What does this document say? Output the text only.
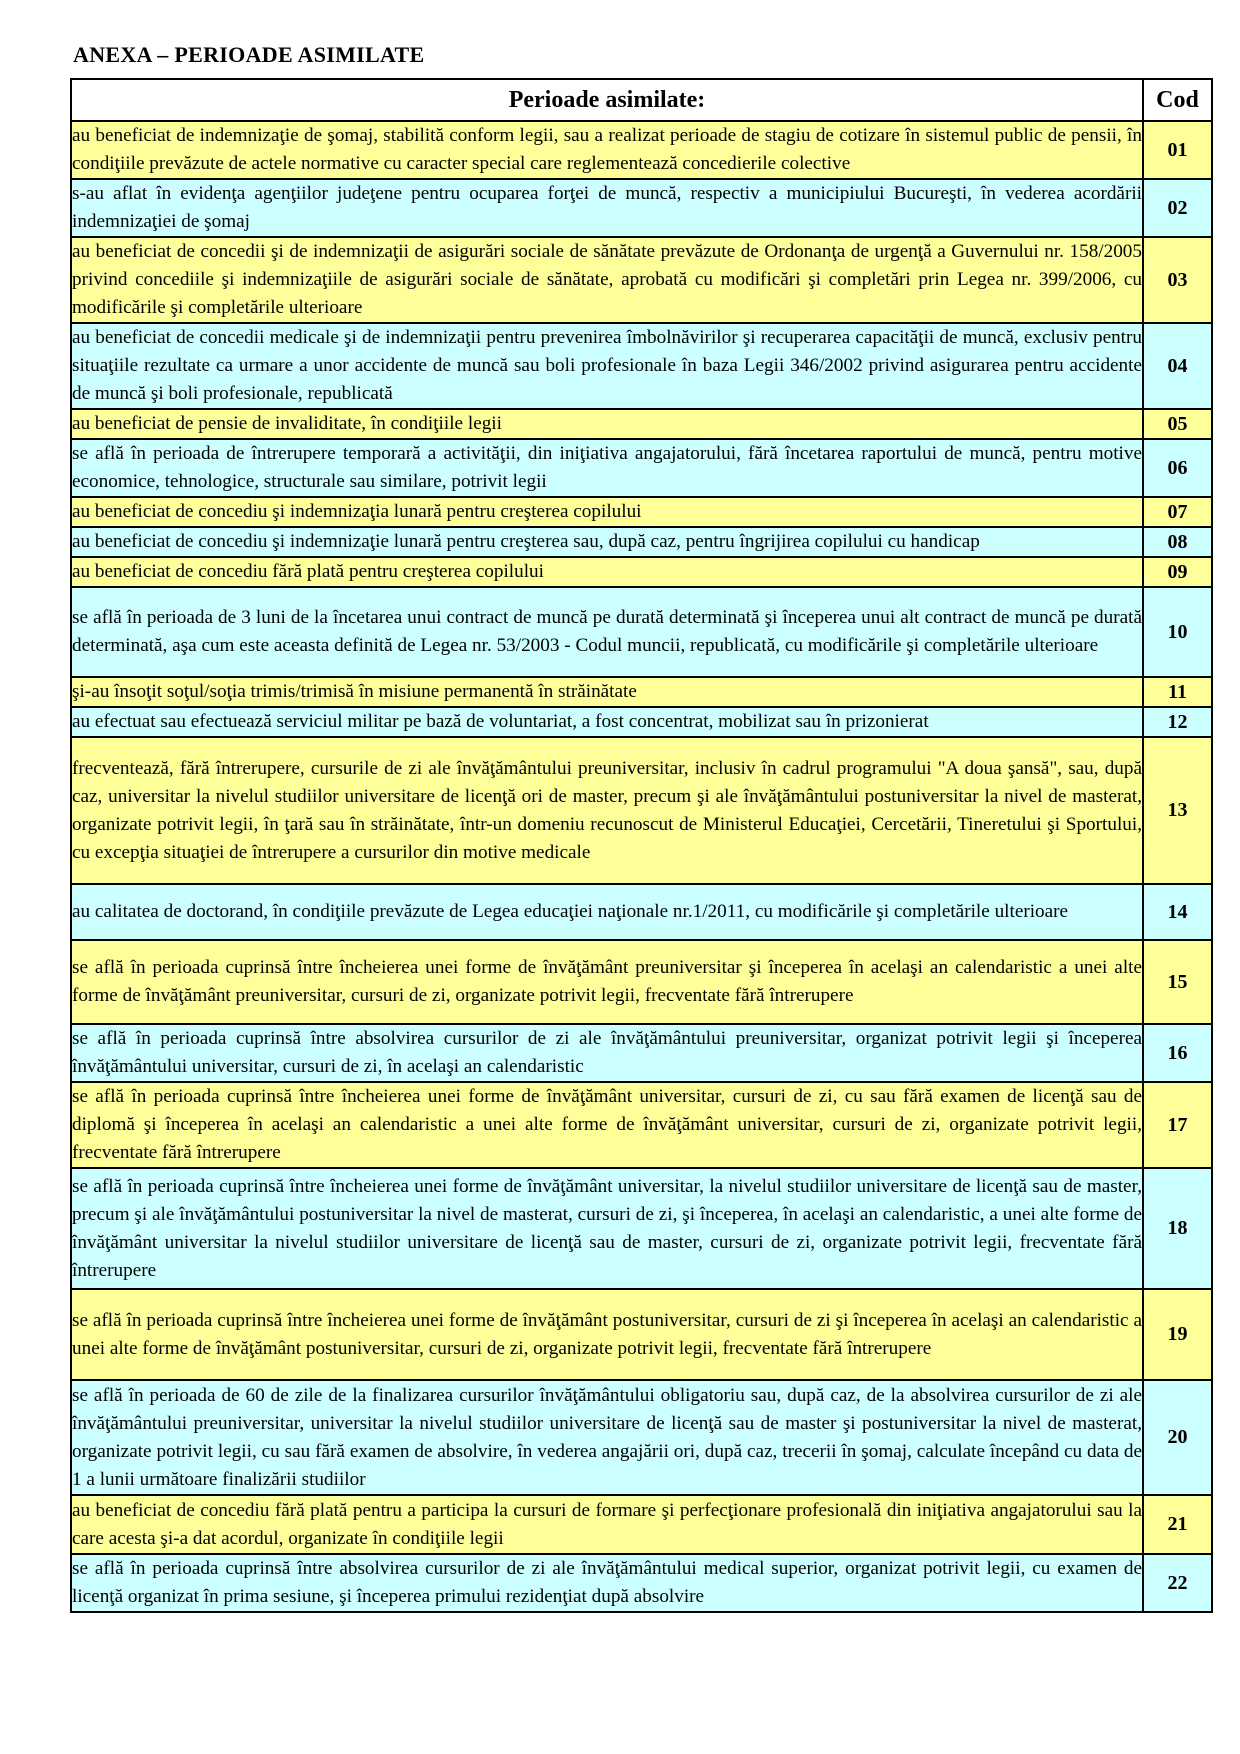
ANEXA – PERIOADE ASIMILATE
Perioade asimilate:	Cod
au beneficiat de indemnizaţie de şomaj, stabilită conform legii, sau a realizat perioade de stagiu de cotizare în sistemul public de pensii, în condiţiile prevăzute de actele normative cu caracter special care reglementează concedierile colective	01
s-au aflat în evidenţa agenţiilor judeţene pentru ocuparea forţei de muncă, respectiv a municipiului Bucureşti, în vederea acordării indemnizaţiei de şomaj	02
au beneficiat de concedii şi de indemnizaţii de asigurări sociale de sănătate prevăzute de Ordonanţa de urgenţă a Guvernului nr. 158/2005 privind concediile şi indemnizaţiile de asigurări sociale de sănătate, aprobată cu modificări şi completări prin Legea nr. 399/2006, cu modificările şi completările ulterioare	03
au beneficiat de concedii medicale şi de indemnizaţii pentru prevenirea îmbolnăvirilor şi recuperarea capacităţii de muncă, exclusiv pentru situaţiile rezultate ca urmare a unor accidente de muncă sau boli profesionale în baza Legii 346/2002 privind asigurarea pentru accidente de muncă şi boli profesionale, republicată	04
au beneficiat de pensie de invaliditate, în condiţiile legii	05
se află în perioada de întrerupere temporară a activităţii, din iniţiativa angajatorului, fără încetarea raportului de muncă, pentru motive economice, tehnologice, structurale sau similare, potrivit legii	06
au beneficiat de concediu şi indemnizaţia lunară pentru creşterea copilului	07
au beneficiat de concediu şi indemnizaţie lunară pentru creşterea sau, după caz, pentru îngrijirea copilului cu handicap	08
au beneficiat de concediu fără plată pentru creşterea copilului	09
se află în perioada de 3 luni de la încetarea unui contract de muncă pe durată determinată şi începerea unui alt contract de muncă pe durată determinată, aşa cum este aceasta definită de Legea nr. 53/2003 - Codul muncii, republicată, cu modificările şi completările ulterioare	10
şi-au însoţit soţul/soţia trimis/trimisă în misiune permanentă în străinătate	11
au efectuat sau efectuează serviciul militar pe bază de voluntariat, a fost concentrat, mobilizat sau în prizonierat	12
frecventează, fără întrerupere, cursurile de zi ale învăţământului preuniversitar, inclusiv în cadrul programului "A doua şansă", sau, după caz, universitar la nivelul studiilor universitare de licenţă ori de master, precum şi ale învăţământului postuniversitar la nivel de masterat, organizate potrivit legii, în ţară sau în străinătate, într-un domeniu recunoscut de Ministerul Educaţiei, Cercetării, Tineretului şi Sportului, cu excepţia situaţiei de întrerupere a cursurilor din motive medicale	13
au calitatea de doctorand, în condiţiile prevăzute de Legea educaţiei naţionale nr.1/2011, cu modificările şi completările ulterioare	14
se află în perioada cuprinsă între încheierea unei forme de învăţământ preuniversitar şi începerea în acelaşi an calendaristic a unei alte forme de învăţământ preuniversitar, cursuri de zi, organizate potrivit legii, frecventate fără întrerupere	15
se află în perioada cuprinsă între absolvirea cursurilor de zi ale învăţământului preuniversitar, organizat potrivit legii şi începerea învăţământului universitar, cursuri de zi, în acelaşi an calendaristic	16
se află în perioada cuprinsă între încheierea unei forme de învăţământ universitar, cursuri de zi, cu sau fără examen de licenţă sau de diplomă şi începerea în acelaşi an calendaristic a unei alte forme de învăţământ universitar, cursuri de zi, organizate potrivit legii, frecventate fără întrerupere	17
se află în perioada cuprinsă între încheierea unei forme de învăţământ universitar, la nivelul studiilor universitare de licenţă sau de master, precum şi ale învăţământului postuniversitar la nivel de masterat, cursuri de zi, şi începerea, în acelaşi an calendaristic, a unei alte forme de învăţământ universitar la nivelul studiilor universitare de licenţă sau de master, cursuri de zi, organizate potrivit legii, frecventate fără întrerupere	18
se află în perioada cuprinsă între încheierea unei forme de învăţământ postuniversitar, cursuri de zi şi începerea în acelaşi an calendaristic a unei alte forme de învăţământ postuniversitar, cursuri de zi, organizate potrivit legii, frecventate fără întrerupere	19
se află în perioada de 60 de zile de la finalizarea cursurilor învăţământului obligatoriu sau, după caz, de la absolvirea cursurilor de zi ale învăţământului preuniversitar, universitar la nivelul studiilor universitare de licenţă sau de master şi postuniversitar la nivel de masterat, organizate potrivit legii, cu sau fără examen de absolvire, în vederea angajării ori, după caz, trecerii în şomaj, calculate începând cu data de 1 a lunii următoare finalizării studiilor	20
au beneficiat de concediu fără plată pentru a participa la cursuri de formare şi perfecţionare profesională din iniţiativa angajatorului sau la care acesta şi-a dat acordul, organizate în condiţiile legii	21
se află în perioada cuprinsă între absolvirea cursurilor de zi ale învăţământului medical superior, organizat potrivit legii, cu examen de licenţă organizat în prima sesiune, şi începerea primului rezidenţiat după absolvire	22
